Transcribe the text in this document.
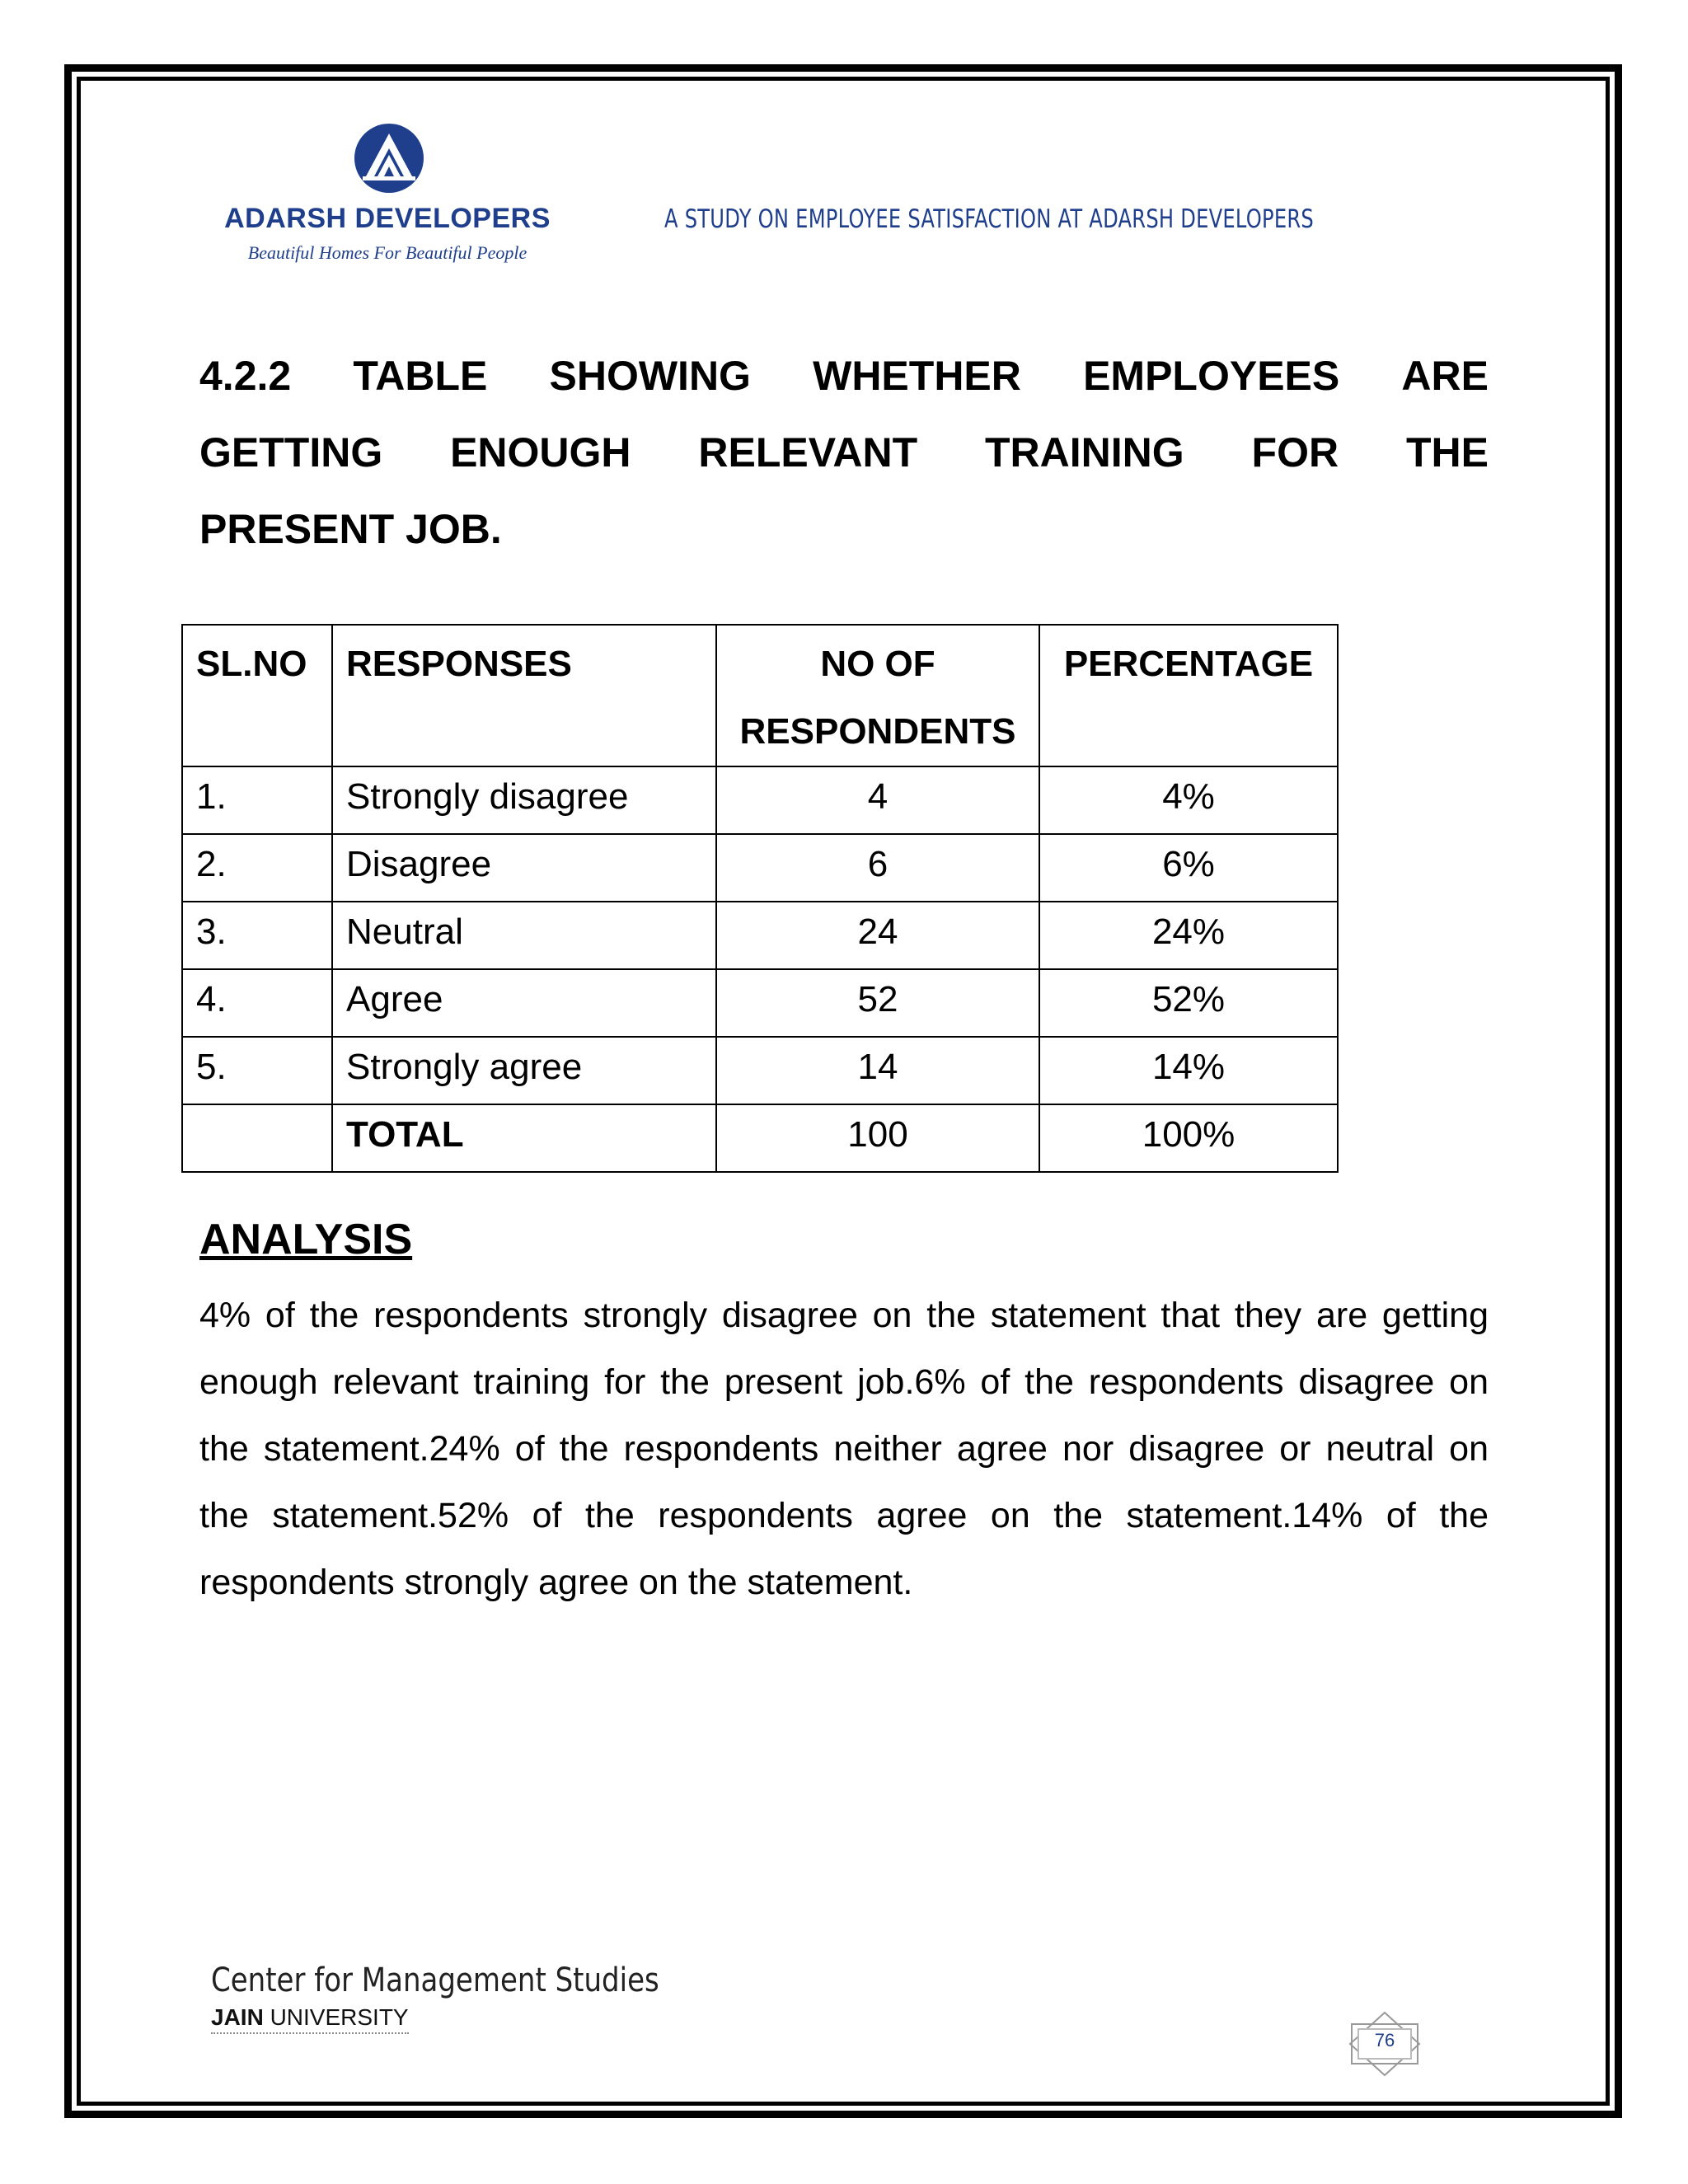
ADARSH DEVELOPERS
Beautiful Homes For Beautiful People
A STUDY ON EMPLOYEE SATISFACTION AT ADARSH DEVELOPERS
4.2.2 TABLE SHOWING WHETHER EMPLOYEES ARE
GETTING ENOUGH RELEVANT TRAINING FOR THE
PRESENT JOB.
SL.NO	RESPONSES	NO OF RESPONDENTS	PERCENTAGE
1.	Strongly disagree	4	4%
2.	Disagree	6	6%
3.	Neutral	24	24%
4.	Agree	52	52%
5.	Strongly agree	14	14%
	TOTAL	100	100%
ANALYSIS
4% of the respondents strongly disagree on the statement that they are getting enough relevant training for the present job.6% of the respondents disagree on the statement.24% of the respondents neither agree nor disagree or neutral on the statement.52% of the respondents agree on the statement.14% of the respondents strongly agree on the statement.
Center for Management Studies
JAIN UNIVERSITY
76
